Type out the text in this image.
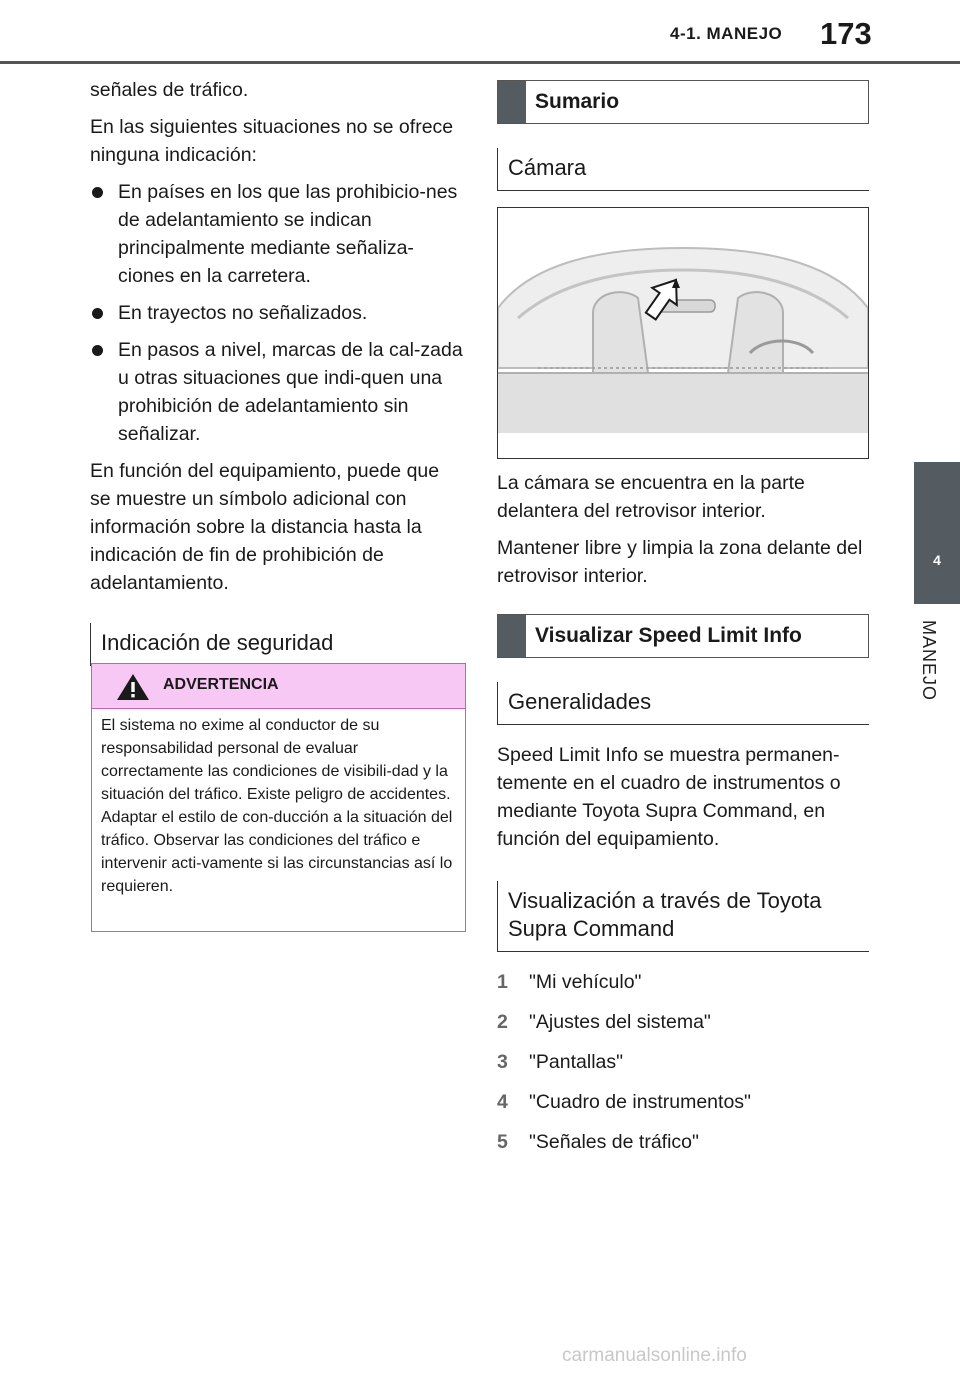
4-1. MANEJO 173
4
MANEJO

señales de tráfico.

En las siguientes situaciones no se ofrece ninguna indicación:

En países en los que las prohibicio-nes de adelantamiento se indican principalmente mediante señaliza-ciones en la carretera.
En trayectos no señalizados.
En pasos a nivel, marcas de la cal-zada u otras situaciones que indi-quen una prohibición de adelantamiento sin señalizar.

En función del equipamiento, puede que se muestre un símbolo adicional con información sobre la distancia hasta la indicación de fin de prohibición de adelantamiento.

Indicación de seguridad
ADVERTENCIA
El sistema no exime al conductor de su responsabilidad personal de evaluar correctamente las condiciones de visibili-dad y la situación del tráfico. Existe peligro de accidentes. Adaptar el estilo de con-ducción a la situación del tráfico. Observar las condiciones del tráfico e intervenir acti-vamente si las circunstancias así lo requieren.
Sumario
Cámara

La cámara se encuentra en la parte delantera del retrovisor interior.

Mantener libre y limpia la zona delante del retrovisor interior.

Visualizar Speed Limit Info
Generalidades

Speed Limit Info se muestra permanen-temente en el cuadro de instrumentos o mediante Toyota Supra Command, en función del equipamiento.

Visualización a través de Toyota Supra Command
1 "Mi vehículo"
2 "Ajustes del sistema"
3 "Pantallas"
4 "Cuadro de instrumentos"
5 "Señales de tráfico"
carmanualsonline.info
